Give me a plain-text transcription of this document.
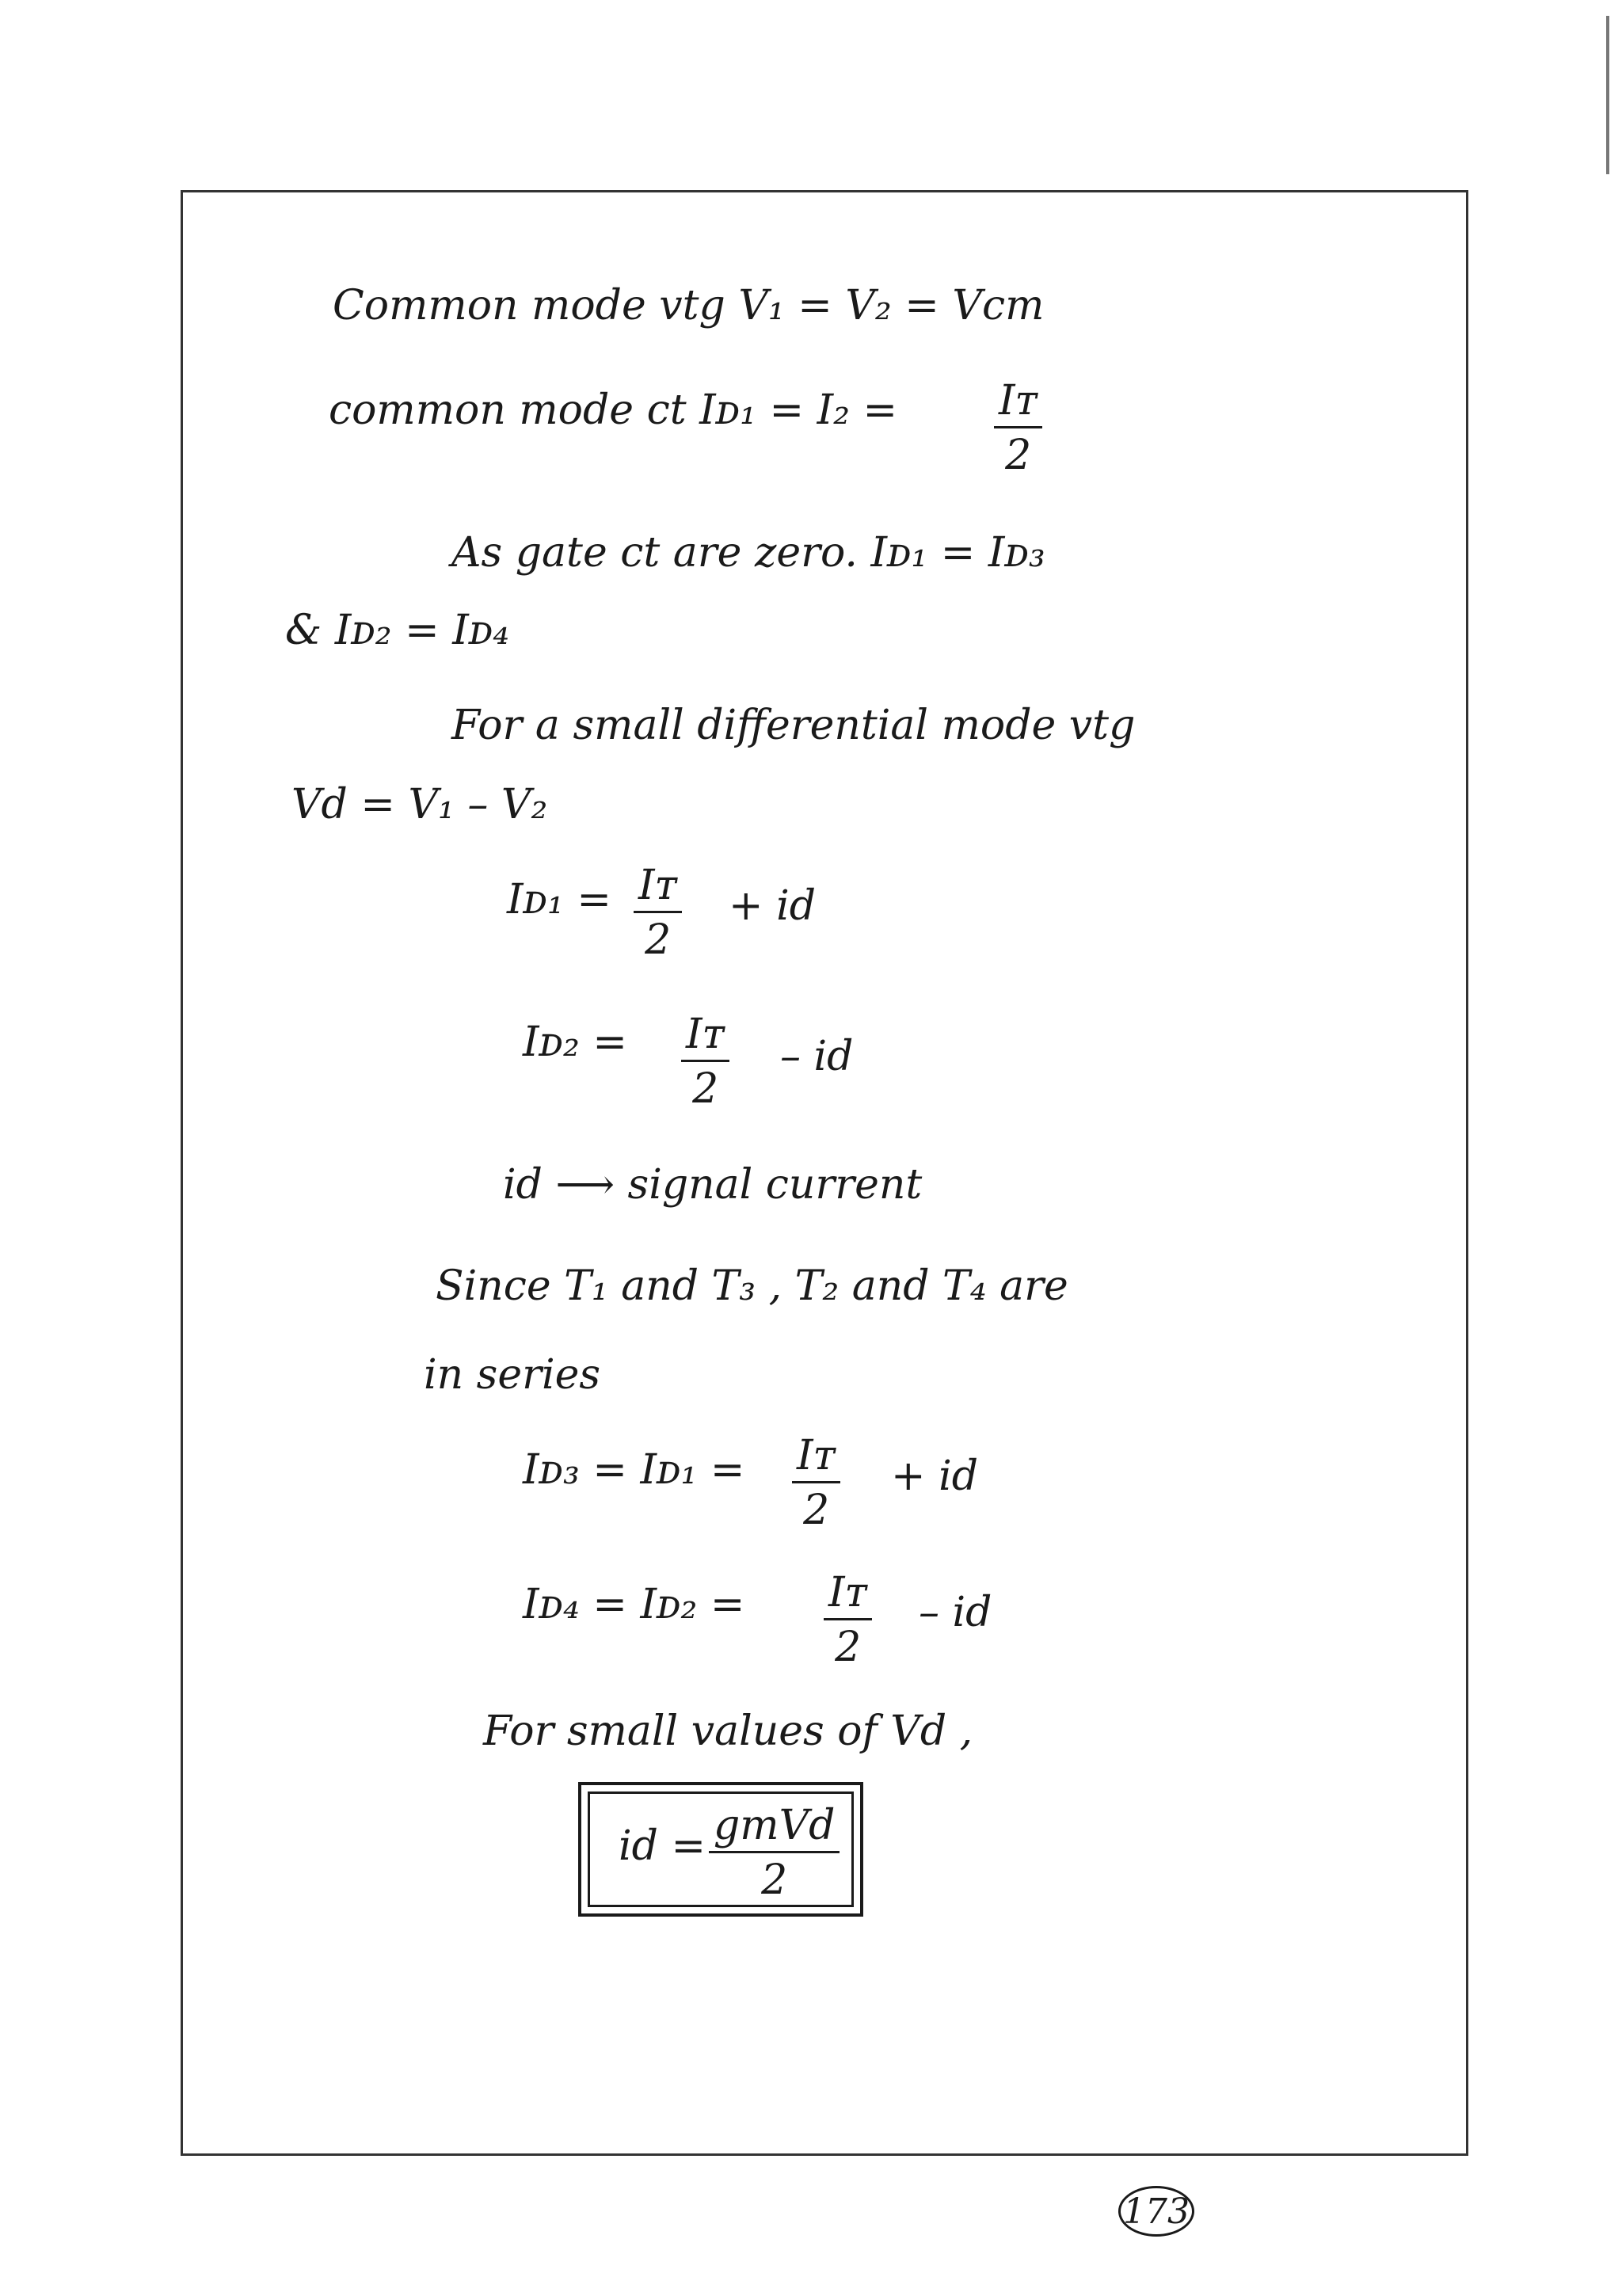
Common mode vtg V₁ = V₂ = Vcm
common mode ct Iᴅ₁ = $I_2 = \frac{\text{Iᴛ}}{2}$
As gate ct are zero. Iᴅ₁ = Iᴅ₃
& Iᴅ₂ = Iᴅ₄
For a small differential mode vtg
Vd = V₁ – V₂
Iᴅ₁ = $\frac{\text{Iᴛ}}{2}$ + id
Iᴅ₂ = $\frac{\text{Iᴛ}}{2}$ – id
id ⟶ signal current
Since T₁ and T₃ , T₂ and T₄ are
in series
Iᴅ₃ = Iᴅ₁ = $\frac{\text{Iᴛ}}{2}$ + id
Iᴅ₄ = Iᴅ₂ = $\frac{\text{Iᴛ}}{2}$ – id
For small values of Vd ,
id = gmVd
2
173
